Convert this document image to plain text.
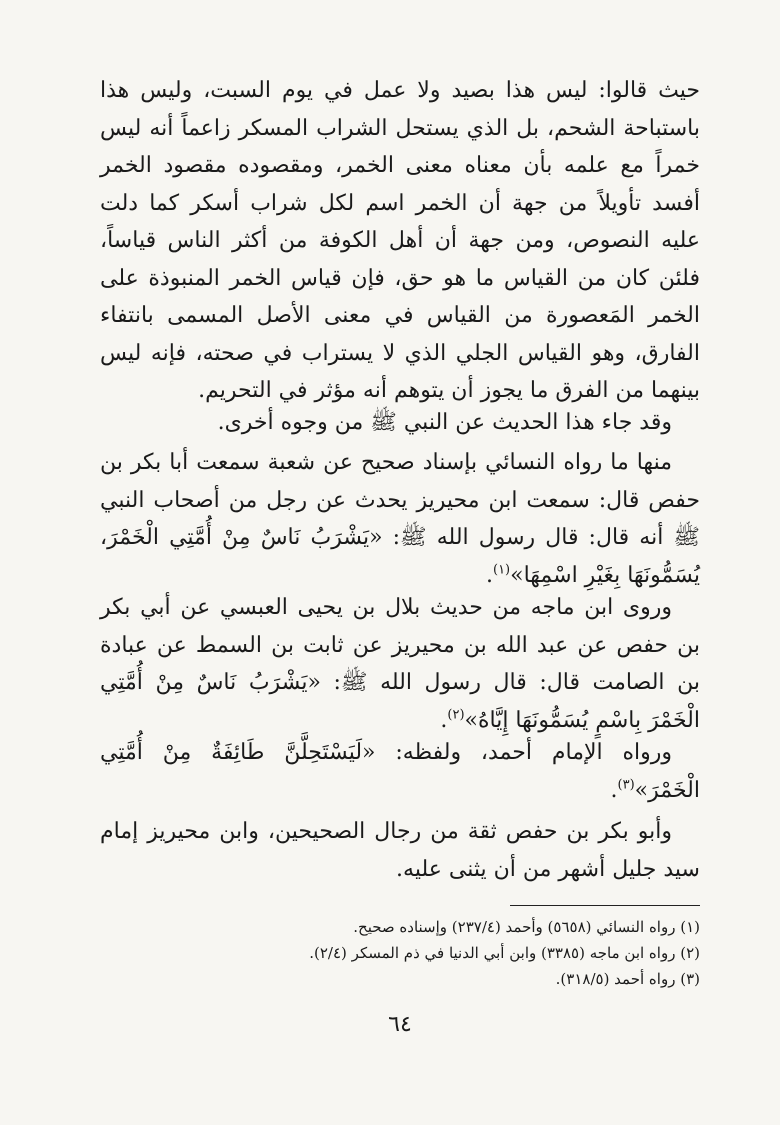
حيث قالوا: ليس هذا بصيد ولا عمل في يوم السبت، وليس هذا باستباحة الشحم، بل الذي يستحل الشراب المسكر زاعماً أنه ليس خمراً مع علمه بأن معناه معنى الخمر، ومقصوده مقصود الخمر أفسد تأويلاً من جهة أن الخمر اسم لكل شراب أسكر كما دلت عليه النصوص، ومن جهة أن أهل الكوفة من أكثر الناس قياساً، فلئن كان من القياس ما هو حق، فإن قياس الخمر المنبوذة على الخمر المَعصورة من القياس في معنى الأصل المسمى بانتفاء الفارق، وهو القياس الجلي الذي لا يستراب في صحته، فإنه ليس بينهما من الفرق ما يجوز أن يتوهم أنه مؤثر في التحريم.

وقد جاء هذا الحديث عن النبي ﷺ من وجوه أخرى.

منها ما رواه النسائي بإسناد صحيح عن شعبة سمعت أبا بكر بن حفص قال: سمعت ابن محيريز يحدث عن رجل من أصحاب النبي ﷺ أنه قال: قال رسول الله ﷺ: «يَشْرَبُ نَاسٌ مِنْ أُمَّتِي الْخَمْرَ، يُسَمُّونَهَا بِغَيْرِ اسْمِهَا»$^{(١)}$.

وروى ابن ماجه من حديث بلال بن يحيى العبسي عن أبي بكر بن حفص عن عبد الله بن محيريز عن ثابت بن السمط عن عبادة بن الصامت قال: قال رسول الله ﷺ: «يَشْرَبُ نَاسٌ مِنْ أُمَّتِي الْخَمْرَ بِاسْمٍ يُسَمُّونَهَا إِيَّاهُ»$^{(٢)}$.

ورواه الإمام أحمد، ولفظه: «لَيَسْتَحِلَّنَّ طَائِفَةٌ مِنْ أُمَّتِي الْخَمْرَ»$^{(٣)}$.

وأبو بكر بن حفص ثقة من رجال الصحيحين، وابن محيريز إمام سيد جليل أشهر من أن يثنى عليه.

(١) رواه النسائي (٥٦٥٨) وأحمد (٢٣٧/٤) وإسناده صحيح.
(٢) رواه ابن ماجه (٣٣٨٥) وابن أبي الدنيا في ذم المسكر (٢/٤).
(٣) رواه أحمد (٣١٨/٥).
٦٤
